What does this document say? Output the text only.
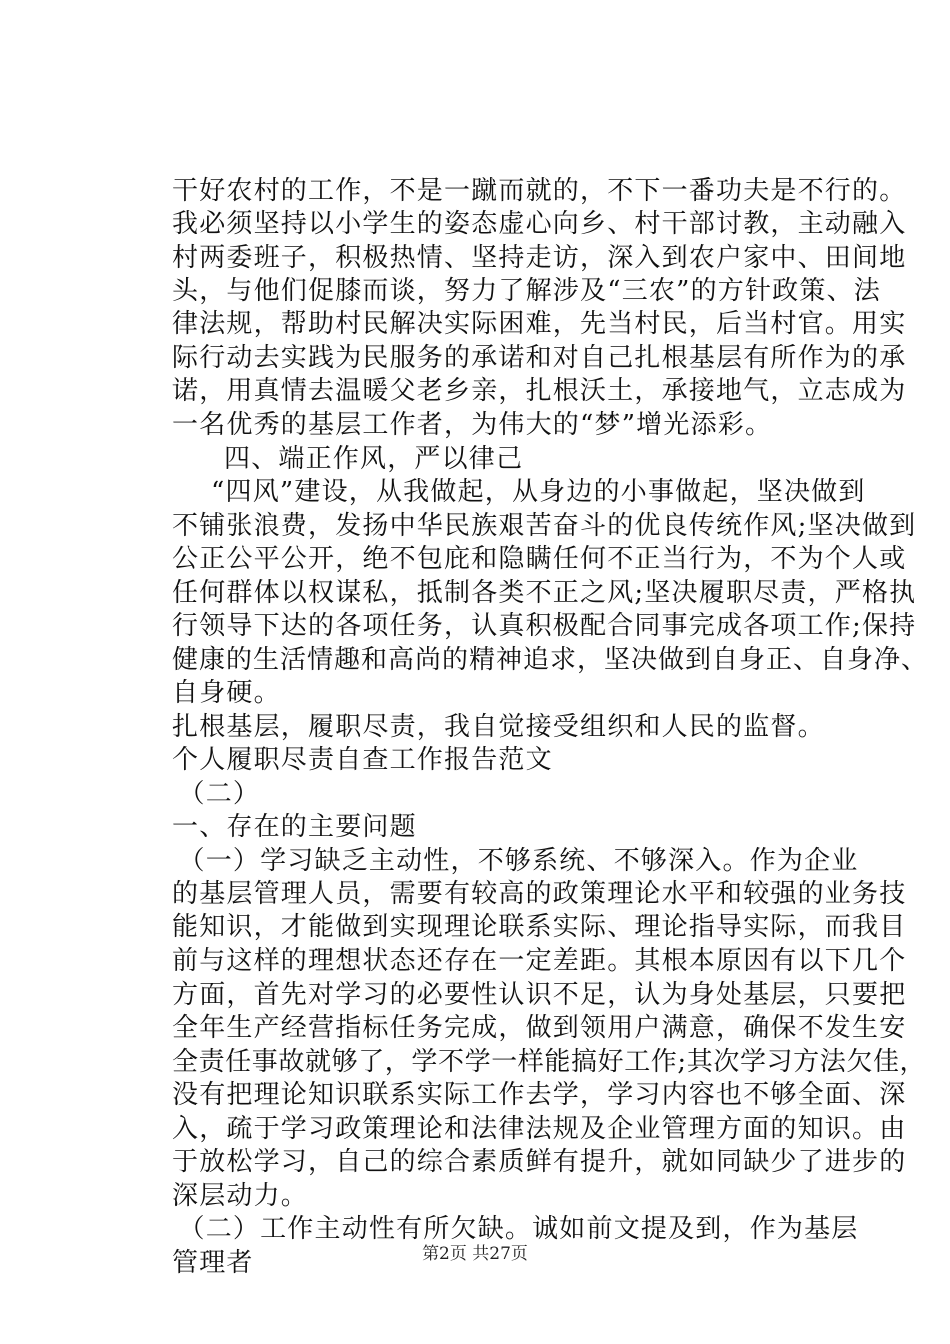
干好农村的工作，不是一蹴而就的，不下一番功夫是不行的。
我必须坚持以小学生的姿态虚心向乡、村干部讨教，主动融入
村两委班子，积极热情、坚持走访，深入到农户家中、田间地
头，与他们促膝而谈，努力了解涉及“三农”的方针政策、法
律法规，帮助村民解决实际困难，先当村民，后当村官。用实
际行动去实践为民服务的承诺和对自己扎根基层有所作为的承
诺，用真情去温暖父老乡亲，扎根沃土，承接地气，立志成为
一名优秀的基层工作者，为伟大的“梦”增光添彩。
四、端正作风，严以律己
“四风”建设，从我做起，从身边的小事做起，坚决做到
不铺张浪费，发扬中华民族艰苦奋斗的优良传统作风;坚决做到
公正公平公开，绝不包庇和隐瞒任何不正当行为，不为个人或
任何群体以权谋私，抵制各类不正之风;坚决履职尽责，严格执
行领导下达的各项任务，认真积极配合同事完成各项工作;保持
健康的生活情趣和高尚的精神追求，坚决做到自身正、自身净、
自身硬。
扎根基层，履职尽责，我自觉接受组织和人民的监督。
个人履职尽责自查工作报告范文
（二）
一、存在的主要问题
（一）学习缺乏主动性，不够系统、不够深入。作为企业
的基层管理人员，需要有较高的政策理论水平和较强的业务技
能知识，才能做到实现理论联系实际、理论指导实际，而我目
前与这样的理想状态还存在一定差距。其根本原因有以下几个
方面，首先对学习的必要性认识不足，认为身处基层，只要把
全年生产经营指标任务完成，做到领用户满意，确保不发生安
全责任事故就够了，学不学一样能搞好工作;其次学习方法欠佳，
没有把理论知识联系实际工作去学，学习内容也不够全面、深
入，疏于学习政策理论和法律法规及企业管理方面的知识。由
于放松学习，自己的综合素质鲜有提升，就如同缺少了进步的
深层动力。
（二）工作主动性有所欠缺。诚如前文提及到，作为基层
管理者	第2页 共27页
